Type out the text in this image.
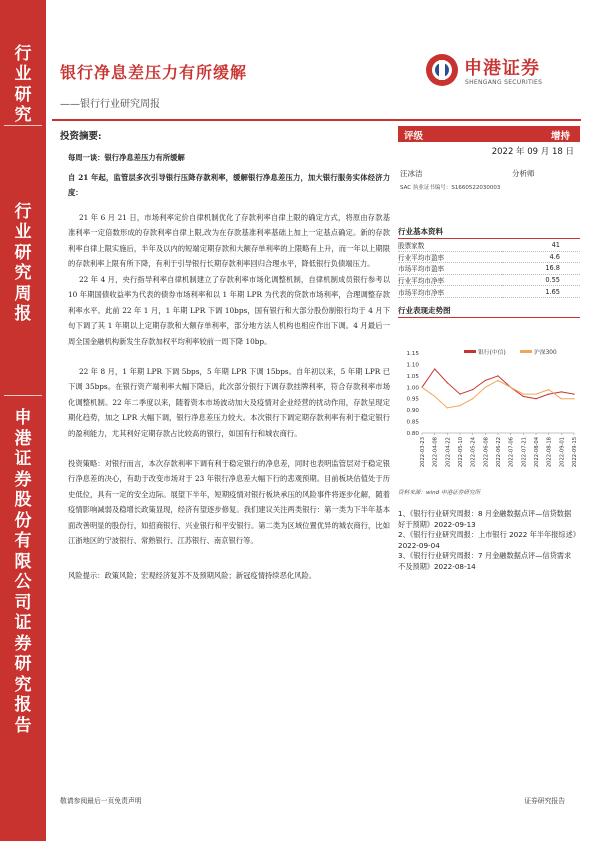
行
业
研
究
行
业
研
究
周
报
申
港
证
券
股
份
有
限
公
司
证
券
研
究
报
告
银行净息差压力有所缓解
——银行行业研究周报
申港证券
SHENGANG SECURITIES
投资摘要:
每周一谈：银行净息差压力有所缓解
自 21 年起，监管层多次引导银行压降存款利率，缓解银行净息差压力，加大银行服务实体经济力度：
21 年 6 月 21 日，市场利率定价自律机制优化了存款利率自律上限的确定方式，将原由存款基准利率一定倍数形成的存款利率自律上限,改为在存款基准利率基础上加上一定基点确定。新的存款利率自律上限实施后，半年及以内的短端定期存款和大额存单利率的上限略有上升，而一年以上期限的存款利率上限有所下降，有利于引导银行长期存款利率回归合理水平，降低银行负债端压力。
22 年 4 月，央行指导利率自律机制建立了存款利率市场化调整机制，自律机制成员银行参考以 10 年期国债收益率为代表的债券市场利率和以 1 年期 LPR 为代表的贷款市场利率，合理调整存款利率水平。此前 22 年 1 月，1 年期 LPR 下调 10bps，国有银行和大部分股份制银行均于 4 月下旬下调了其 1 年期以上定期存款和大额存单利率，部分地方法人机构也相应作出下调。4 月最后一周全国金融机构新发生存款加权平均利率较前一周下降 10bp。
22 年 8 月，1 年期 LPR 下调 5bps，5 年期 LPR 下调 15bps。自年初以来，5 年期 LPR 已下调 35bps。在银行资产端利率大幅下降后，此次部分银行下调存款挂牌利率，符合存款利率市场化调整机制。22 年二季度以来，随着资本市场波动加大及疫情对企业经营的扰动作用，存款呈现定期化趋势，加之 LPR 大幅下调，银行净息差压力较大。本次银行下调定期存款利率有利于稳定银行的盈利能力，尤其利好定期存款占比较高的银行，如国有行和城农商行。
投资策略：对银行而言，本次存款利率下调有利于稳定银行的净息差，同时也表明监管层对于稳定银行净息差的决心，有助于改变市场对于 23 年银行净息差大幅下行的悲观预期。目前板块估值处于历史低位，具有一定的安全边际。展望下半年，短期疫情对银行板块承压的风险事件将逐步化解，随着疫情影响减弱及稳增长政策显现，经济有望逐步修复。我们建议关注两类银行：第一类为下半年基本面改善明显的股份行，如招商银行、兴业银行和平安银行。第二类为区域位置优异的城农商行，比如江浙地区的宁波银行、常熟银行、江苏银行、南京银行等。
风险提示：政策风险；宏观经济复苏不及预期风险；新冠疫情持续恶化风险。
评级	增持
2022 年 09 月 18 日
汪冰洁	分析师
SAC 执业证书编号：S1660522030003
行业基本资料
股票家数	41
行业平均市盈率	4.6
市场平均市盈率	16.8
行业平均市净率	0.55
市场平均市净率	1.65
行业表现走势图
1.15
1.10
1.05
1.00
0.95
0.90
0.85
0.80
2022-03-23 2022-04-08 2022-04-22 2022-05-10 2022-05-24 2022-06-08 2022-06-22 2022-07-06 2022-07-21 2022-08-04 2022-08-18 2022-09-01 2022-09-15
银行(中信)	沪深300
资料来源：wind 申港证券研究所
1、《银行行业研究周报：8 月金融数据点评—信贷数据好于预期》2022-09-13
2、《银行行业研究周报：上市银行 2022 年半年报综述》2022-09-04
3、《银行行业研究周报：7 月金融数据点评—信贷需求不及预期》2022-08-14
敬请参阅最后一页免责声明	证券研究报告
